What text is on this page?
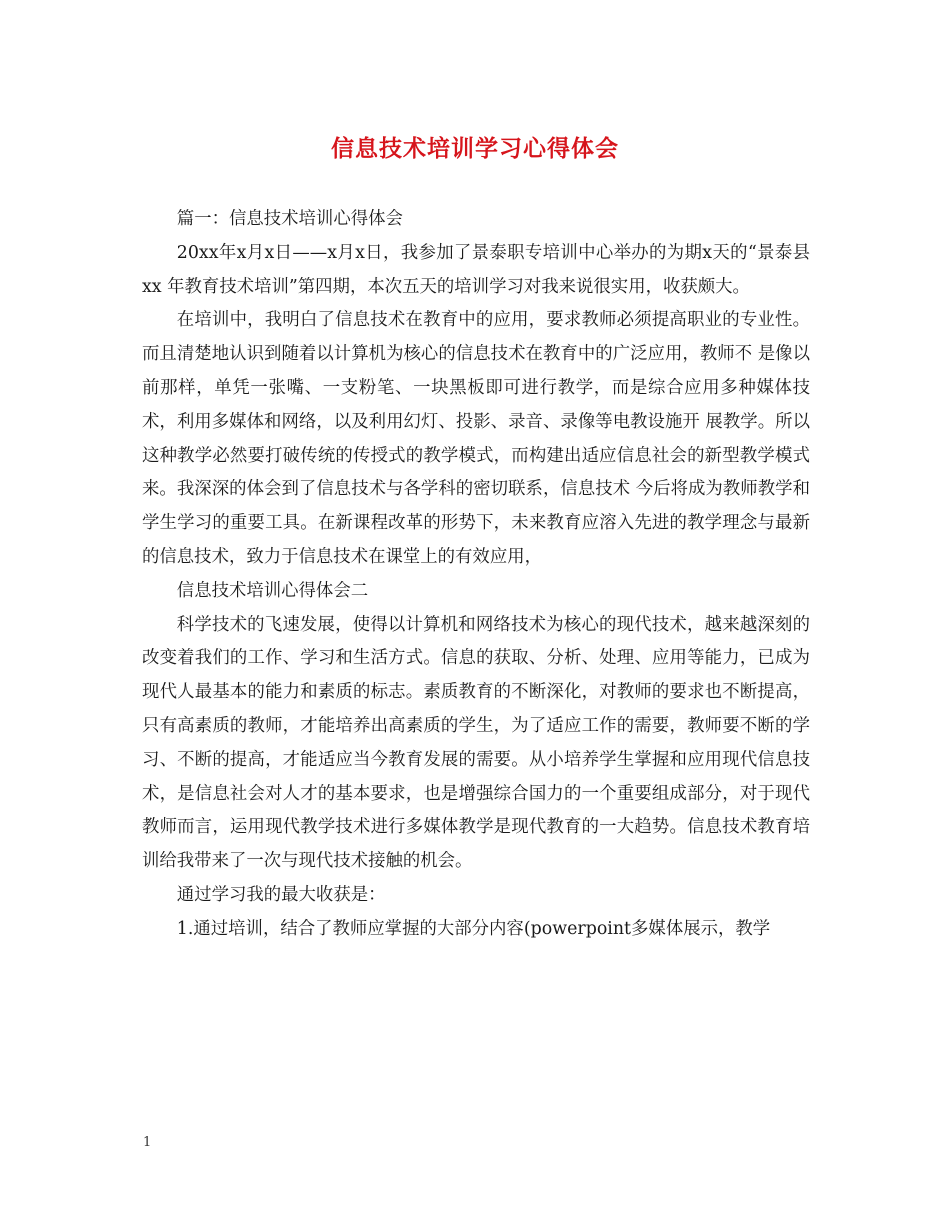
信息技术培训学习心得体会

篇一：信息技术培训心得体会

20xx年x月x日——x月x日，我参加了景泰职专培训中心举办的为期x天的“景泰县xx 年教育技术培训”第四期，本次五天的培训学习对我来说很实用，收获颇大。

在培训中，我明白了信息技术在教育中的应用，要求教师必须提高职业的专业性。而且清楚地认识到随着以计算机为核心的信息技术在教育中的广泛应用，教师不 是像以前那样，单凭一张嘴、一支粉笔、一块黑板即可进行教学，而是综合应用多种媒体技术，利用多媒体和网络，以及利用幻灯、投影、录音、录像等电教设施开 展教学。所以这种教学必然要打破传统的传授式的教学模式，而构建出适应信息社会的新型教学模式来。我深深的体会到了信息技术与各学科的密切联系，信息技术 今后将成为教师教学和学生学习的重要工具。在新课程改革的形势下，未来教育应溶入先进的教学理念与最新的信息技术，致力于信息技术在课堂上的有效应用，

信息技术培训心得体会二

科学技术的飞速发展，使得以计算机和网络技术为核心的现代技术，越来越深刻的改变着我们的工作、学习和生活方式。信息的获取、分析、处理、应用等能力，已成为现代人最基本的能力和素质的标志。素质教育的不断深化，对教师的要求也不断提高，只有高素质的教师，才能培养出高素质的学生，为了适应工作的需要，教师要不断的学习、不断的提高，才能适应当今教育发展的需要。从小培养学生掌握和应用现代信息技术，是信息社会对人才的基本要求，也是增强综合国力的一个重要组成部分，对于现代教师而言，运用现代教学技术进行多媒体教学是现代教育的一大趋势。信息技术教育培训给我带来了一次与现代技术接触的机会。

通过学习我的最大收获是：

1.通过培训，结合了教师应掌握的大部分内容(powerpoint多媒体展示，教学

1
